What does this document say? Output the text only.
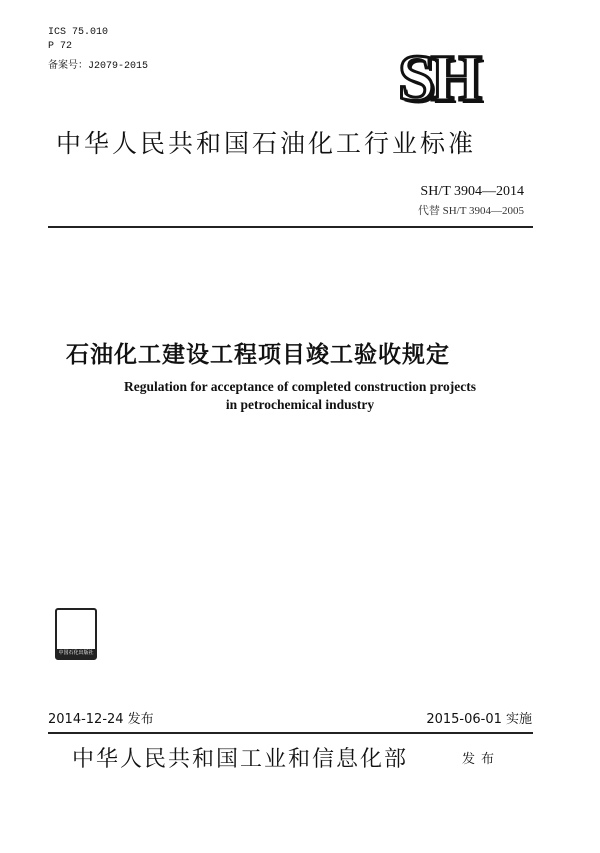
ICS 75.010
P 72
备案号：J2079-2015	SH
中华人民共和国石油化工行业标准
SH/T 3904—2014
代替 SH/T 3904—2005
石油化工建设工程项目竣工验收规定
Regulation for acceptance of completed construction projects
in petrochemical industry
中国石化出版社
2014-12-24 发布	2015-06-01 实施
中华人民共和国工业和信息化部	发布
